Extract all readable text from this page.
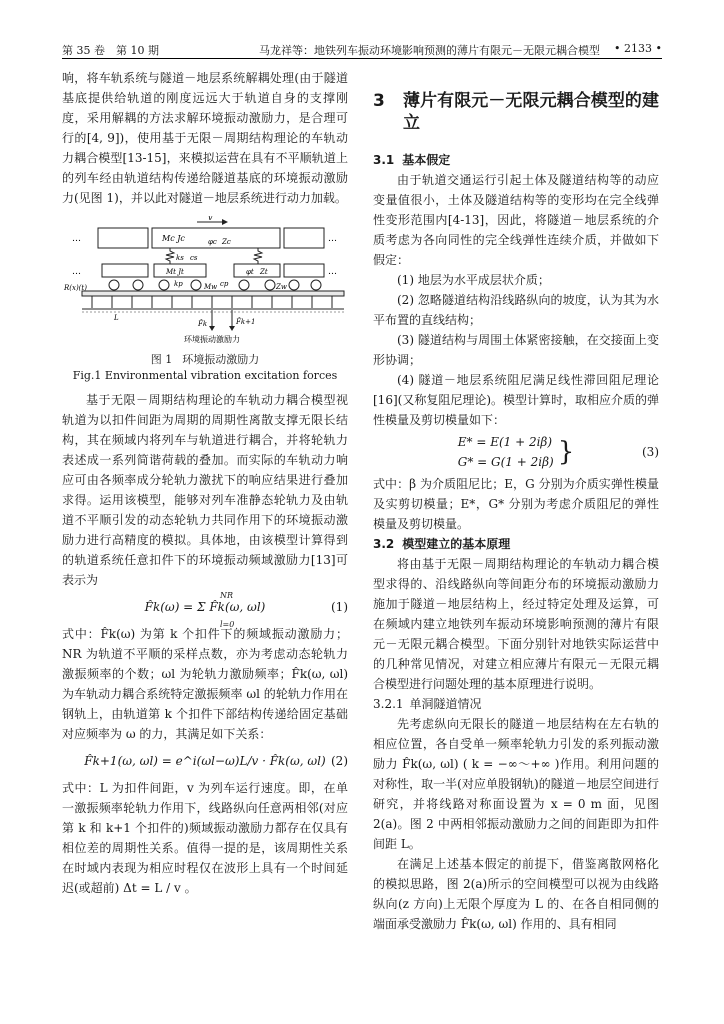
第 35 卷　 第 10 期	马龙祥等：地铁列车振动环境影响预测的薄片有限元－无限元耦合模型 • 2133 •

响，将车轨系统与隧道－地层系统解耦处理(由于隧道基底提供给轨道的刚度远远大于轨道自身的支撑刚度，采用解耦的方法求解环境振动激励力，是合理可行的[4, 9])，使用基于无限－周期结构理论的车轨动力耦合模型[13-15]，来模拟运营在具有不平顺轨道上的列车经由轨道结构传递给隧道基底的环境振动激励力(见图 1)，并以此对隧道－地层系统进行动力加载。

v
Mc Jc	φc Zc
…	…
ks cs
Mt Jt	φt Zt
…	…
kp	Mw cp	Zw
R(x)(t)
L
F̂k	F̂k+1
环境振动激励力
图 1 环境振动激励力
Fig.1 Environmental vibration excitation forces

基于无限－周期结构理论的车轨动力耦合模型视轨道为以扣件间距为周期的周期性离散支撑无限长结构，其在频域内将列车与轨道进行耦合，并将轮轨力表述成一系列简谐荷载的叠加。而实际的车轨动力响应可由各频率成分轮轨力激扰下的响应结果进行叠加求得。运用该模型，能够对列车准静态轮轨力及由轨道不平顺引发的动态轮轨力共同作用下的环境振动激励力进行高精度的模拟。具体地，由该模型计算得到的轨道系统任意扣件下的环境振动频域激励力[13]可表示为

F̂k(ω) = Σ F̂k(ω, ωl)
NR
l=0
(1)

式中：F̂k(ω) 为第 k 个扣件下的频域振动激励力；NR 为轨道不平顺的采样点数，亦为考虑动态轮轨力激振频率的个数；ωl 为轮轨力激励频率；F̂k(ω, ωl) 为车轨动力耦合系统特定激振频率 ωl 的轮轨力作用在钢轨上，由轨道第 k 个扣件下部结构传递给固定基础对应频率为 ω 的力，其满足如下关系：

F̂k+1(ω, ωl) = e^i(ωl−ω)L/v · F̂k(ω, ωl) (2)

式中：L 为扣件间距，v 为列车运行速度。即，在单一激振频率轮轨力作用下，线路纵向任意两相邻(对应第 k 和 k+1 个扣件的)频域振动激励力都存在仅具有相位差的周期性关系。值得一提的是，该周期性关系在时域内表现为相应时程仅在波形上具有一个时间延迟(或超前) Δt = L / v 。

3	薄片有限元－无限元耦合模型的建立
3.1 基本假定

由于轨道交通运行引起土体及隧道结构等的动应变量值很小，土体及隧道结构等的变形均在完全线弹性变形范围内[4-13]，因此，将隧道－地层系统的介质考虑为各向同性的完全线弹性连续介质，并做如下假定：

(1) 地层为水平成层状介质；

(2) 忽略隧道结构沿线路纵向的坡度，认为其为水平布置的直线结构；

(3) 隧道结构与周围土体紧密接触，在交接面上变形协调；

(4) 隧道－地层系统阻尼满足线性滞回阻尼理论[16](又称复阻尼理论)。模型计算时，取相应介质的弹性模量及剪切模量如下：

E* = E(1 + 2iβ)
G* = G(1 + 2iβ) }	(3)

式中：β 为介质阻尼比；E，G 分别为介质实弹性模量及实剪切模量；E*，G* 分别为考虑介质阻尼的弹性模量及剪切模量。

3.2 模型建立的基本原理

将由基于无限－周期结构理论的车轨动力耦合模型求得的、沿线路纵向等间距分布的环境振动激励力施加于隧道－地层结构上，经过特定处理及运算，可在频域内建立地铁列车振动环境影响预测的薄片有限元－无限元耦合模型。下面分别针对地铁实际运营中的几种常见情况，对建立相应薄片有限元－无限元耦合模型进行问题处理的基本原理进行说明。

3.2.1 单洞隧道情况

先考虑纵向无限长的隧道－地层结构在左右轨的相应位置，各自受单一频率轮轨力引发的系列振动激励力 F̂k(ω, ωl) ( k = −∞～+∞ )作用。利用问题的对称性，取一半(对应单股钢轨)的隧道－地层空间进行研究，并将线路对称面设置为 x = 0 m 面，见图 2(a)。图 2 中两相邻振动激励力之间的间距即为扣件间距 L。

在满足上述基本假定的前提下，借鉴离散网格化的模拟思路，图 2(a)所示的空间模型可以视为由线路纵向(z 方向)上无限个厚度为 L 的、在各自相同侧的端面承受激励力 F̂k(ω, ωl) 作用的、具有相同
